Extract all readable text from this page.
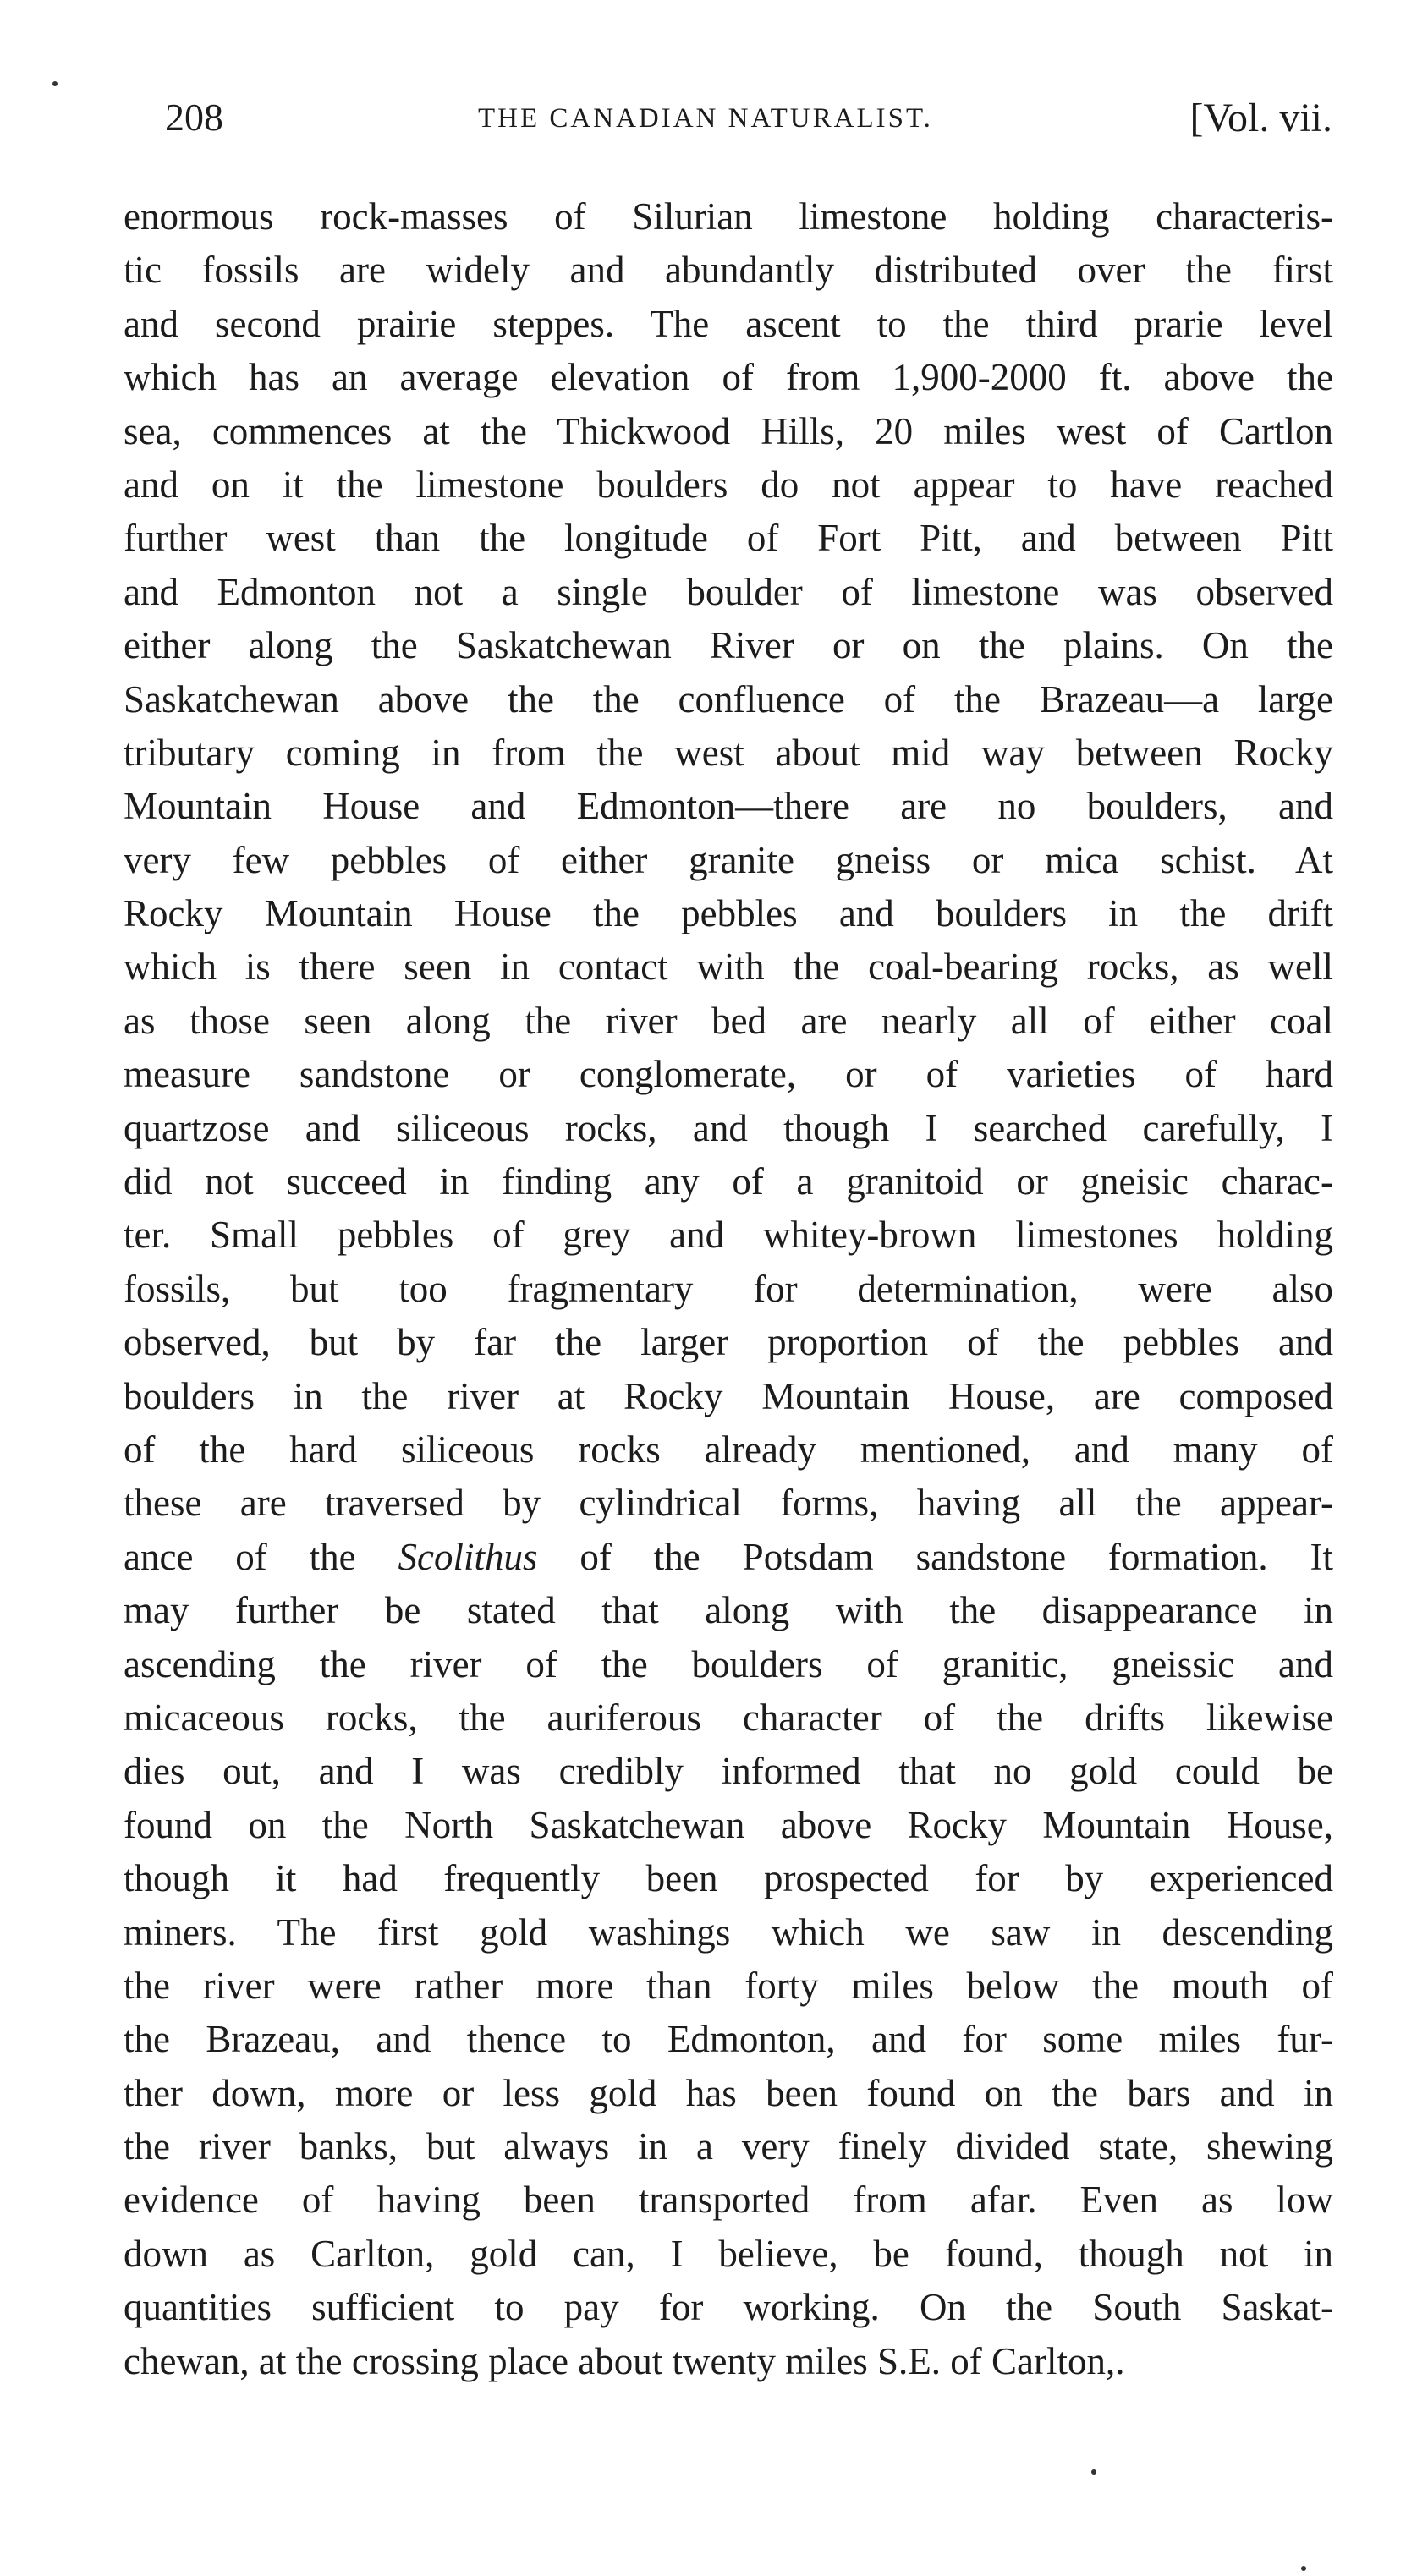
208	THE CANADIAN NATURALIST.	[Vol. vii.
enormous rock-masses of Silurian limestone holding characteris-
tic fossils are widely and abundantly distributed over the first
and second prairie steppes. The ascent to the third prarie level
which has an average elevation of from 1,900-2000 ft. above the
sea, commences at the Thickwood Hills, 20 miles west of Cartlon
and on it the limestone boulders do not appear to have reached
further west than the longitude of Fort Pitt, and between Pitt
and Edmonton not a single boulder of limestone was observed
either along the Saskatchewan River or on the plains. On the
Saskatchewan above the the confluence of the Brazeau—a large
tributary coming in from the west about mid way between Rocky
Mountain House and Edmonton—there are no boulders, and
very few pebbles of either granite gneiss or mica schist. At
Rocky Mountain House the pebbles and boulders in the drift
which is there seen in contact with the coal-bearing rocks, as well
as those seen along the river bed are nearly all of either coal
measure sandstone or conglomerate, or of varieties of hard
quartzose and siliceous rocks, and though I searched carefully, I
did not succeed in finding any of a granitoid or gneisic charac-
ter. Small pebbles of grey and whitey-brown limestones holding
fossils, but too fragmentary for determination, were also
observed, but by far the larger proportion of the pebbles and
boulders in the river at Rocky Mountain House, are composed
of the hard siliceous rocks already mentioned, and many of
these are traversed by cylindrical forms, having all the appear-
ance of the Scolithus of the Potsdam sandstone formation. It
may further be stated that along with the disappearance in
ascending the river of the boulders of granitic, gneissic and
micaceous rocks, the auriferous character of the drifts likewise
dies out, and I was credibly informed that no gold could be
found on the North Saskatchewan above Rocky Mountain House,
though it had frequently been prospected for by experienced
miners. The first gold washings which we saw in descending
the river were rather more than forty miles below the mouth of
the Brazeau, and thence to Edmonton, and for some miles fur-
ther down, more or less gold has been found on the bars and in
the river banks, but always in a very finely divided state, shewing
evidence of having been transported from afar. Even as low
down as Carlton, gold can, I believe, be found, though not in
quantities sufficient to pay for working. On the South Saskat-
chewan, at the crossing place about twenty miles S.E. of Carlton,.
